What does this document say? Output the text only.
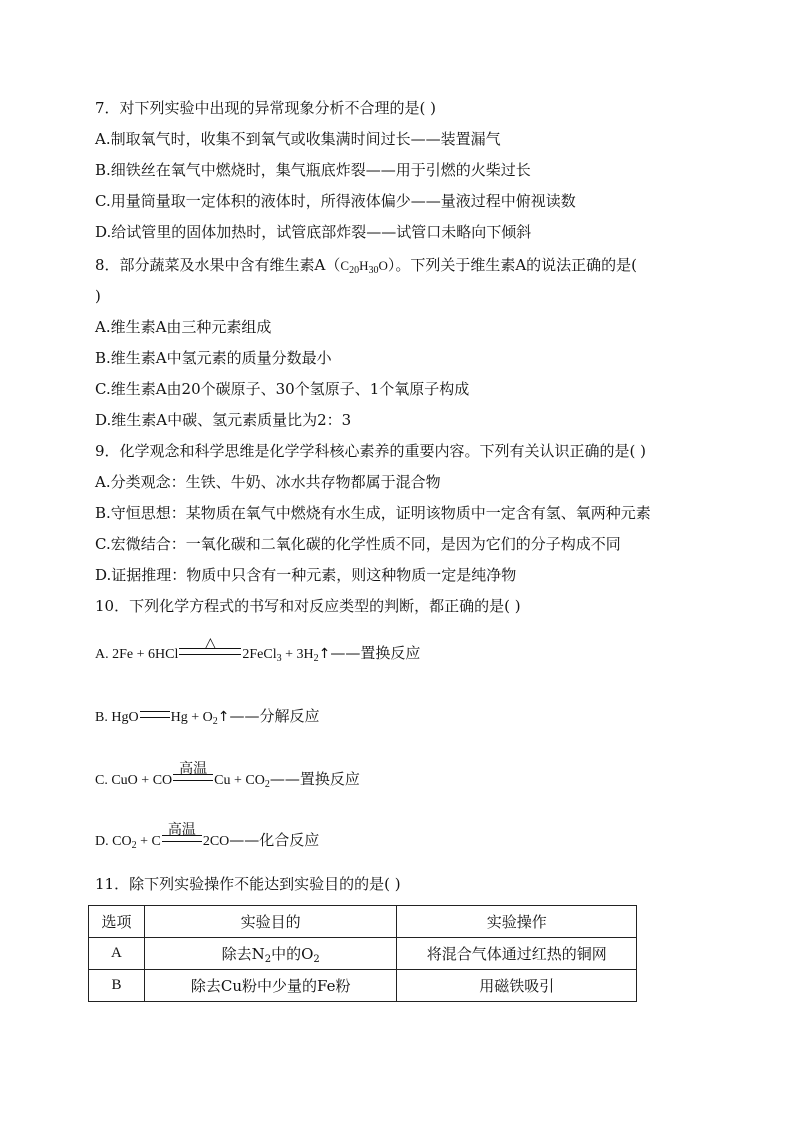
7．对下列实验中出现的异常现象分析不合理的是( )
A.制取氧气时，收集不到氧气或收集满时间过长——装置漏气
B.细铁丝在氧气中燃烧时，集气瓶底炸裂——用于引燃的火柴过长
C.用量筒量取一定体积的液体时，所得液体偏少——量液过程中俯视读数
D.给试管里的固体加热时，试管底部炸裂——试管口未略向下倾斜
8．部分蔬菜及水果中含有维生素$A(C_{20}H_{30}O)$。下列关于维生素A的说法正确的是(
)
A.维生素A由三种元素组成
B.维生素A中氢元素的质量分数最小
C.维生素A由20个碳原子、30个氢原子、1个氧原子构成
D.维生素A中碳、氢元素质量比为2：3
9．化学观念和科学思维是化学学科核心素养的重要内容。下列有关认识正确的是( )
A.分类观念：生铁、牛奶、冰水共存物都属于混合物
B.守恒思想：某物质在氧气中燃烧有水生成，证明该物质中一定含有氢、氧两种元素
C.宏微结合：一氧化碳和二氧化碳的化学性质不同，是因为它们的分子构成不同
D.证据推理：物质中只含有一种元素，则这种物质一定是纯净物
10．下列化学方程式的书写和对反应类型的判断，都正确的是( )
A. 2Fe + 6HCl
△
2FeCl$_3$ + $3H_2↑——$置换反应
B. HgO $Hg + O_2↑——$分解反应
C. CuO + CO
高温
$Cu + CO_2——$置换反应
D. $CO_2 + C$
高温
2CO——化合反应
11．除下列实验操作不能达到实验目的的是( )
选项	实验目的	实验操作
A	除去$N_2$中的$O_2$	将混合气体通过红热的铜网
B	除去Cu粉中少量的Fe粉	用磁铁吸引
